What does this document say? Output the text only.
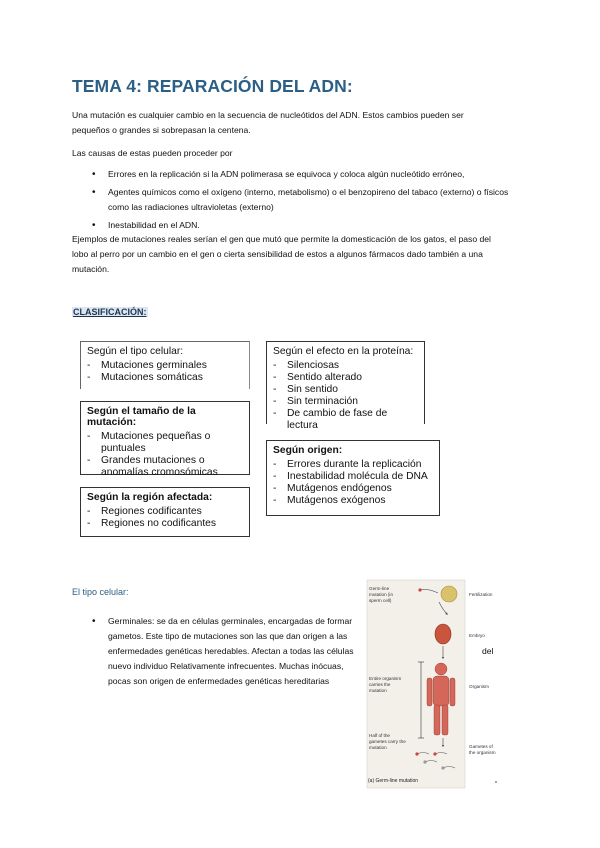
TEMA 4: REPARACIÓN DEL ADN:
Una mutación es cualquier cambio en la secuencia de nucleótidos del ADN. Estos cambios pueden ser
pequeños o grandes si sobrepasan la centena.
Las causas de estas pueden proceder por
• Errores en la replicación si la ADN polimerasa se equivoca y coloca algún nucleótido erróneo,
• Agentes químicos como el oxígeno (interno, metabolismo) o el benzopireno del tabaco (externo) o físicos como las radiaciones ultravioletas (externo)
• Inestabilidad en el ADN.
Ejemplos de mutaciones reales serían el gen que mutó que permite la domesticación de los gatos, el paso del
lobo al perro por un cambio en el gen o cierta sensibilidad de estos a algunos fármacos dado también a una
mutación.
CLASIFICACIÓN:
Según el tipo celular:
- Mutaciones germinales
- Mutaciones somáticas
Según el tamaño de la mutación:
- Mutaciones pequeñas o puntuales
- Grandes mutaciones o anomalías cromosómicas
Según la región afectada:
- Regiones codificantes
- Regiones no codificantes
Según el efecto en la proteína:
- Silenciosas
- Sentido alterado
- Sin sentido
- Sin terminación
- De cambio de fase de lectura
Según origen:
- Errores durante la replicación
- Inestabilidad molécula de DNA
- Mutágenos endógenos
- Mutágenos exógenos
El tipo celular:
• Germinales: se da en células germinales, encargadas de formar
gametos. Este tipo de mutaciones son las que dan origen a las
enfermedades genéticas heredables. Afectan a todas las células
nuevo individuo Relativamente infrecuentes. Muchas inócuas,
pocas son origen de enfermedades genéticas hereditarias
del
Germ-line mutation (in sperm cell)
Entire organism carries the mutation
Half of the gametes carry the mutation
Fertilization
Embryo
Organism
Gametes of the organism
(a) Germ-line mutation
